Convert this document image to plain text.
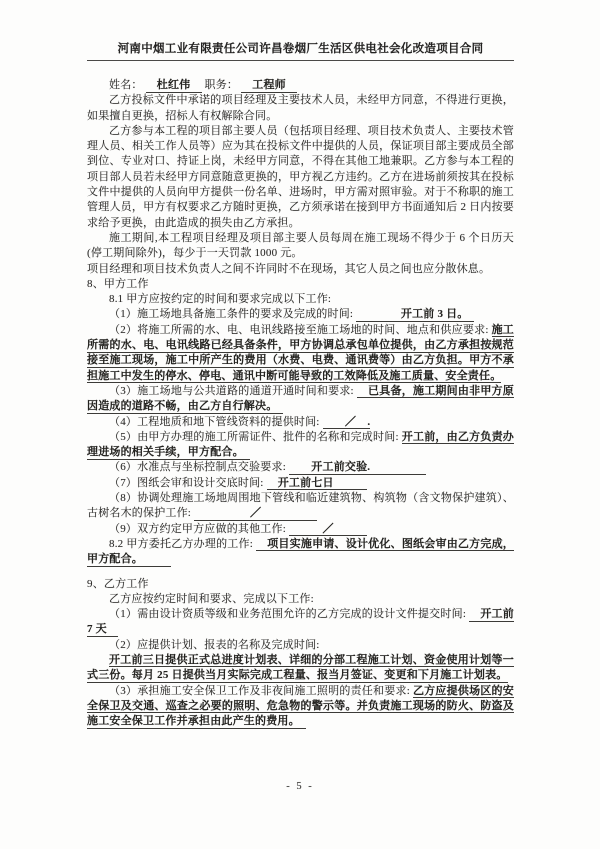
河南中烟工业有限责任公司许昌卷烟厂生活区供电社会化改造项目合同

姓名： 　杜红伟　 职务： 　工程师　

乙方投标文件中承诺的项目经理及主要技术人员，未经甲方同意，不得进行更换，如果擅自更换，招标人有权解除合同。

乙方参与本工程的项目部主要人员（包括项目经理、项目技术负责人、主要技术管理人员、相关工作人员等）应为其在投标文件中提供的人员，保证项目部主要成员全部到位、专业对口、持证上岗，未经甲方同意，不得在其他工地兼职。乙方参与本工程的项目部人员若未经甲方同意随意更换的，甲方视乙方违约。乙方在进场前须按其在投标文件中提供的人员向甲方提供一份名单、进场时，甲方需对照审验。对于不称职的施工管理人员，甲方有权要求乙方随时更换，乙方须承诺在接到甲方书面通知后 2 日内按要求给予更换，由此造成的损失由乙方承担。

施工期间,本工程项目经理及项目部主要人员每周在施工现场不得少于 6 个日历天(停工期间除外)，每少于一天罚款 1000 元。

项目经理和项目技术负责人之间不许同时不在现场，其它人员之间也应分散休息。

8、甲方工作

8.1 甲方应按约定的时间和要求完成以下工作:

（1）施工场地具备施工条件的要求及完成的时间: 　　　　开工前 3 日。　

（2）将施工所需的水、电、电讯线路接至施工场地的时间、地点和供应要求: 施工所需的水、电、电讯线路已经具备条件，甲方协调总承包单位提供，由乙方承担按规范接至施工现场，施工中所产生的费用（水费、电费、通讯费等）由乙方负担。甲方不承担施工中发生的停水、停电、通讯中断可能导致的工效降低及施工质量、安全责任。

（3）施工场地与公共道路的通道开通时间和要求: 　已具备，施工期间由非甲方原因造成的道路不畅，由乙方自行解决。　

（4）工程地质和地下管线资料的提供时间: 　　／　.

（5）由甲方办理的施工所需证件、批件的名称和完成时间: 开工前，由乙方负责办理进场的相关手续，甲方配合。　

（6）水准点与坐标控制点交验要求: 　　开工前交验.　　　　　

（7）图纸会审和设计交底时间: 　开工前七日　　　

（8）协调处理施工场地周围地下管线和临近建筑物、构筑物（含文物保护建筑）、古树名木的保护工作: 　　　　　／　　　　　

（9）双方约定甲方应做的其他工作: 　　　／　　　

8.2 甲方委托乙方办理的工作: 　项目实施申请、设计优化、图纸会审由乙方完成，甲方配合。　　　

9、乙方工作

乙方应按约定时间和要求、完成以下工作:

（1）需由设计资质等级和业务范围允许的乙方完成的设计文件提交时间: 　开工前 7 天　

（2）应提供计划、报表的名称及完成时间:

开工前三日提供正式总进度计划表、详细的分部工程施工计划、资金使用计划等一式三份。每月 25 日提供当月实际完成工程量、报当月签证、变更和下月施工计划表。

（3）承担施工安全保卫工作及非夜间施工照明的责任和要求: 乙方应提供场区的安全保卫及交通、巡查之必要的照明、危急物的警示等。并负责施工现场的防火、防盗及施工安全保卫工作并承担由此产生的费用。　

- 5 -
